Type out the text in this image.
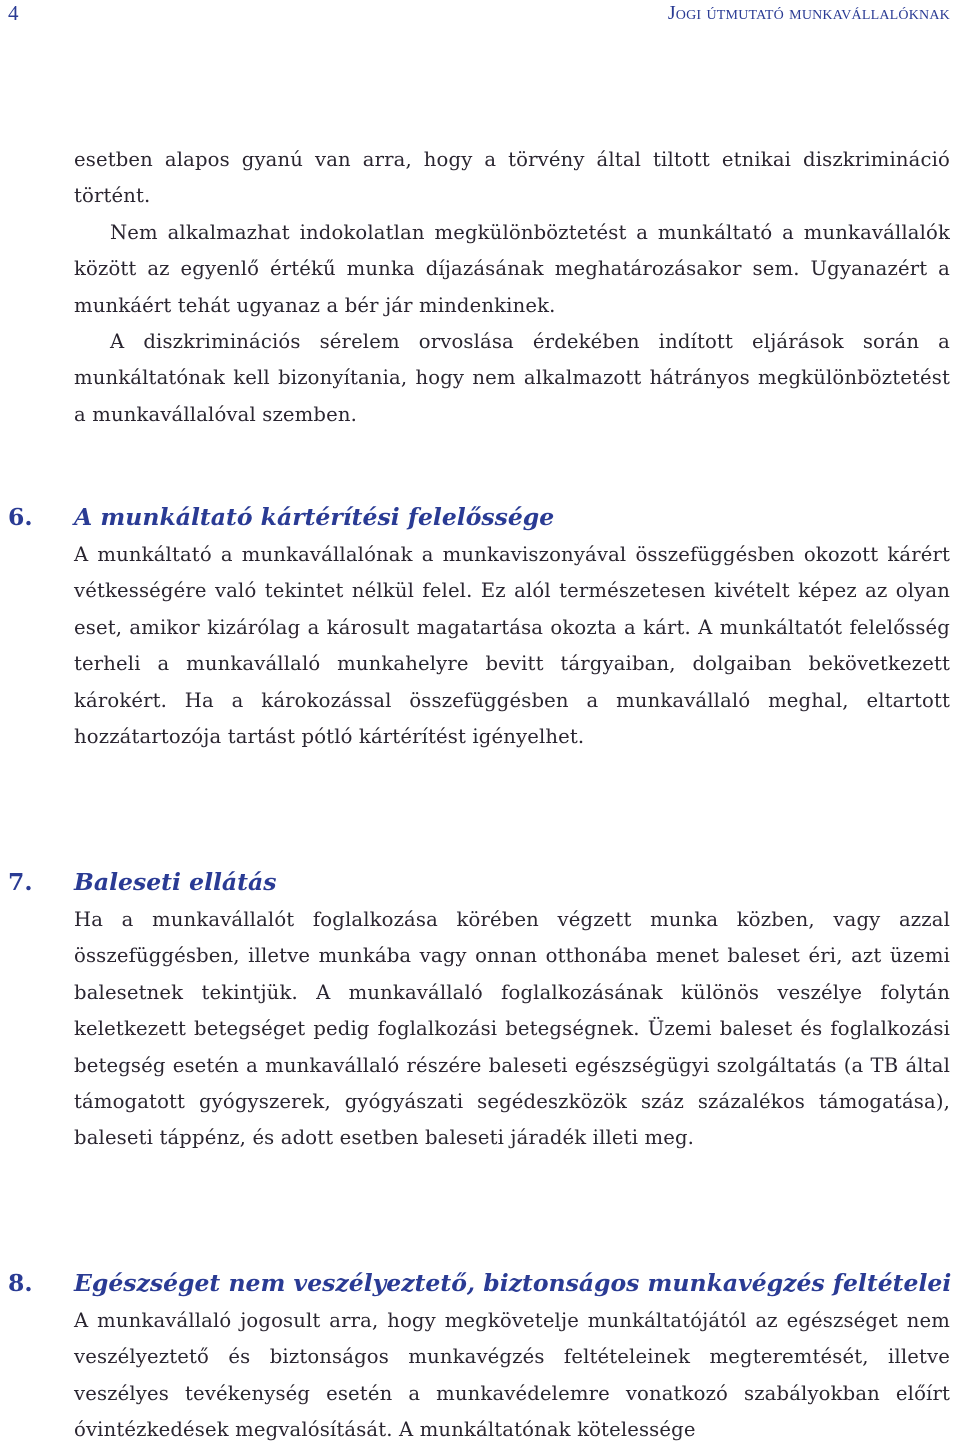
4	Jogi útmutató munkavállalóknak

esetben alapos gyanú van arra, hogy a törvény által tiltott etnikai diszkrimináció történt.

Nem alkalmazhat indokolatlan megkülönböztetést a munkáltató a munkavállalók között az egyenlő értékű munka díjazásának meghatározásakor sem. Ugyanazért a munkáért tehát ugyanaz a bér jár mindenkinek.

A diszkriminációs sérelem orvoslása érdekében indított eljárások során a munkáltatónak kell bizonyítania, hogy nem alkalmazott hátrányos megkülönböztetést a munkavállalóval szemben.

6. A munkáltató kártérítési felelőssége
A munkáltató a munkavállalónak a munkaviszonyával összefüggésben okozott kárért vétkességére való tekintet nélkül felel. Ez alól természetesen kivételt képez az olyan eset, amikor kizárólag a károsult magatartása okozta a kárt. A munkáltatót felelősség terheli a munkavállaló munkahelyre bevitt tárgyaiban, dolgaiban bekövetkezett károkért. Ha a károkozással összefüggésben a munkavállaló meghal, eltartott hozzátartozója tartást pótló kártérítést igényelhet.
7. Baleseti ellátás
Ha a munkavállalót foglalkozása körében végzett munka közben, vagy azzal összefüggésben, illetve munkába vagy onnan otthonába menet baleset éri, azt üzemi balesetnek tekintjük. A munkavállaló foglalkozásának különös veszélye folytán keletkezett betegséget pedig foglalkozási betegségnek. Üzemi baleset és foglalkozási betegség esetén a munkavállaló részére baleseti egészségügyi szolgáltatás (a TB által támogatott gyógyszerek, gyógyászati segédeszközök száz százalékos támogatása), baleseti táppénz, és adott esetben baleseti járadék illeti meg.
8. Egészséget nem veszélyeztető, biztonságos munkavégzés feltételei
A munkavállaló jogosult arra, hogy megkövetelje munkáltatójától az egészséget nem veszélyeztető és biztonságos munkavégzés feltételeinek megteremtését, illetve veszélyes tevékenység esetén a munkavédelemre vonatkozó szabályokban előírt óvintézkedések megvalósítását. A munkáltatónak kötelessége
